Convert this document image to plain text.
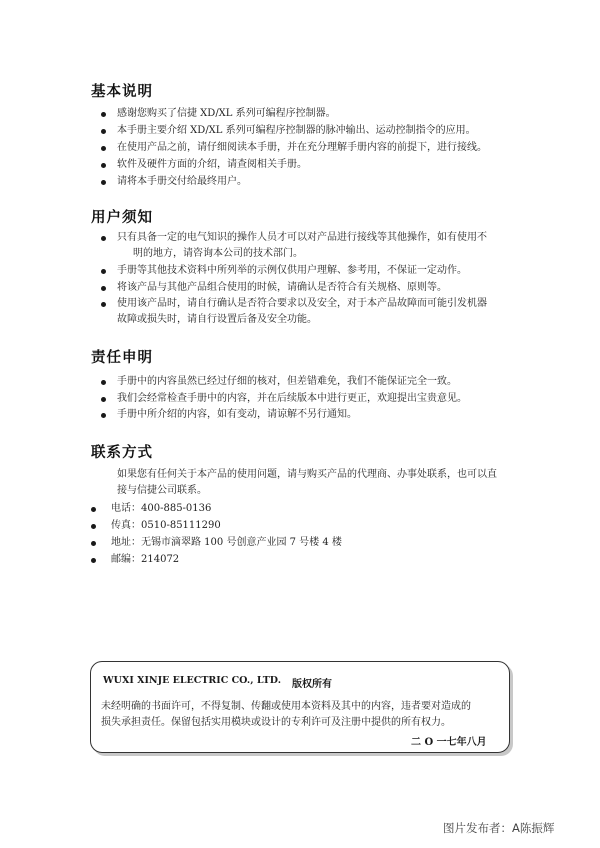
基本说明
感谢您购买了信捷 XD/XL 系列可编程序控制器。
本手册主要介绍 XD/XL 系列可编程序控制器的脉冲输出、运动控制指令的应用。
在使用产品之前，请仔细阅读本手册，并在充分理解手册内容的前提下，进行接线。
软件及硬件方面的介绍，请查阅相关手册。
请将本手册交付给最终用户。
用户须知
只有具备一定的电气知识的操作人员才可以对产品进行接线等其他操作，如有使用不
明的地方，请咨询本公司的技术部门。
手册等其他技术资料中所列举的示例仅供用户理解、参考用，不保证一定动作。
将该产品与其他产品组合使用的时候，请确认是否符合有关规格、原则等。
使用该产品时，请自行确认是否符合要求以及安全，对于本产品故障而可能引发机器
故障或损失时，请自行设置后备及安全功能。
责任申明
手册中的内容虽然已经过仔细的核对，但差错难免，我们不能保证完全一致。
我们会经常检查手册中的内容，并在后续版本中进行更正，欢迎提出宝贵意见。
手册中所介绍的内容，如有变动，请谅解不另行通知。
联系方式
如果您有任何关于本产品的使用问题，请与购买产品的代理商、办事处联系，也可以直
接与信捷公司联系。
电话：400-885-0136
传真：0510-85111290
地址：无锡市滴翠路 100 号创意产业园 7 号楼 4 楼
邮编：214072
WUXI XINJE ELECTRIC CO., LTD. 版权所有
未经明确的书面许可，不得复制、传翻或使用本资料及其中的内容，违者要对造成的
损失承担责任。保留包括实用模块或设计的专利许可及注册中提供的所有权力。
二 O 一七年八月
图片发布者：A陈振辉
